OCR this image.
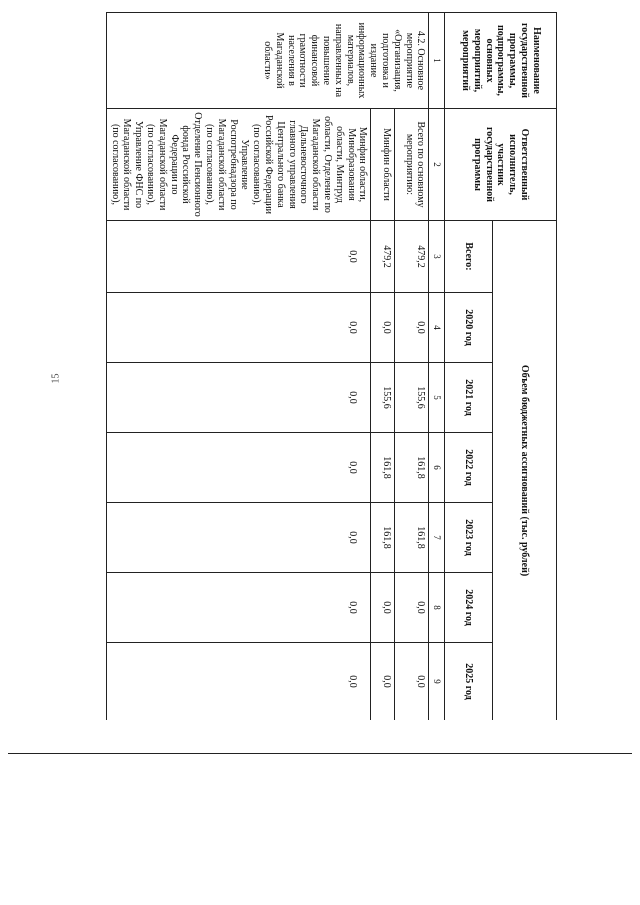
15
Наименование государственной программы, подпрограммы, основных мероприятий, мероприятий	Ответственный исполнитель, участник государственной программы	Объем бюджетных ассигнований (тыс. рублей)						
		Всего:	2020 год	2021 год	2022 год	2023 год	2024 год	2025 год
1	2	3	4	5	6	7	8	9
4.2. Основное мероприятие «Организация, подготовка и издание информационных материалов, направленных на повышение финансовой грамотности населения в Магаданской области»	Всего по основному мероприятию:	479,2	0,0	155,6	161,8	161,8	0,0	0,0
	Минфин области	479,2	0,0	155,6	161,8	161,8	0,0	0,0
	Минфин области, Минобразования области, Минтруд области, Отделение по Магаданской области Дальневосточного главного управления Центрального банка Российской Федерации (по согласованию), Управление Роспотребнадзора по Магаданской области (по согласованию), Отделение Пенсионного фонда Российской Федерации по Магаданской области (по согласованию), Управление ФНС по Магаданской области (по согласованию),	0,0	0,0	0,0	0,0	0,0	0,0	0,0
